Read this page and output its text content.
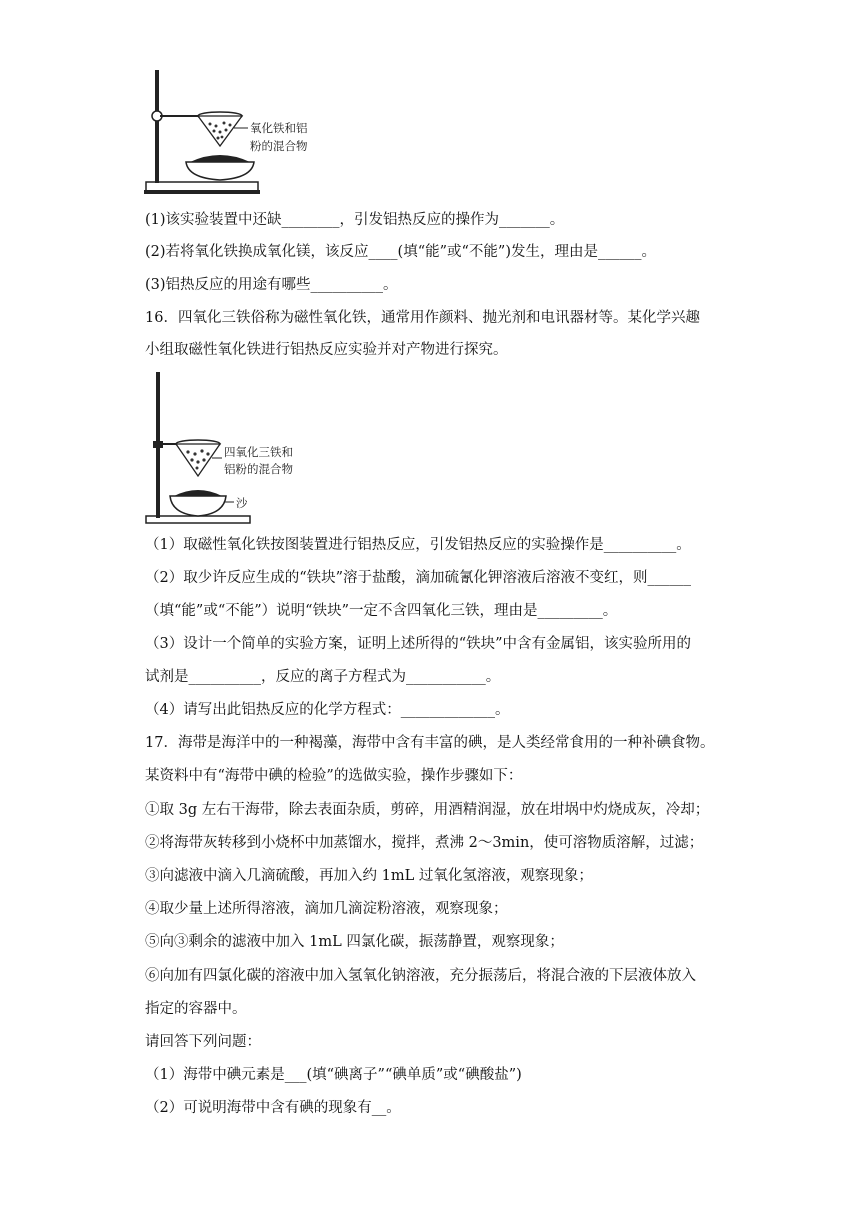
氧化铁和铝
粉的混合物
(1)该实验装置中还缺________，引发铝热反应的操作为_______。
(2)若将氧化铁换成氧化镁，该反应____(填“能”或“不能”)发生，理由是______。
(3)铝热反应的用途有哪些__________。
16．四氧化三铁俗称为磁性氧化铁，通常用作颜料、抛光剂和电讯器材等。某化学兴趣
小组取磁性氧化铁进行铝热反应实验并对产物进行探究。
四氧化三铁和
铝粉的混合物
沙
（1）取磁性氧化铁按图装置进行铝热反应，引发铝热反应的实验操作是__________。
（2）取少许反应生成的“铁块”溶于盐酸，滴加硫氰化钾溶液后溶液不变红，则______
（填“能”或“不能”）说明“铁块”一定不含四氧化三铁，理由是_________。
（3）设计一个简单的实验方案，证明上述所得的“铁块”中含有金属铝，该实验所用的
试剂是__________，反应的离子方程式为___________。
（4）请写出此铝热反应的化学方程式：_____________。
17．海带是海洋中的一种褐藻，海带中含有丰富的碘，是人类经常食用的一种补碘食物。
某资料中有“海带中碘的检验”的选做实验，操作步骤如下：
①取 3g 左右干海带，除去表面杂质，剪碎，用酒精润湿，放在坩埚中灼烧成灰，冷却；
②将海带灰转移到小烧杯中加蒸馏水，搅拌，煮沸 2～3min，使可溶物质溶解，过滤；
③向滤液中滴入几滴硫酸，再加入约 1mL 过氧化氢溶液，观察现象；
④取少量上述所得溶液，滴加几滴淀粉溶液，观察现象；
⑤向③剩余的滤液中加入 1mL 四氯化碳，振荡静置，观察现象；
⑥向加有四氯化碳的溶液中加入氢氧化钠溶液，充分振荡后，将混合液的下层液体放入
指定的容器中。
请回答下列问题：
（1）海带中碘元素是___(填“碘离子”“碘单质”或“碘酸盐”)
（2）可说明海带中含有碘的现象有__。
